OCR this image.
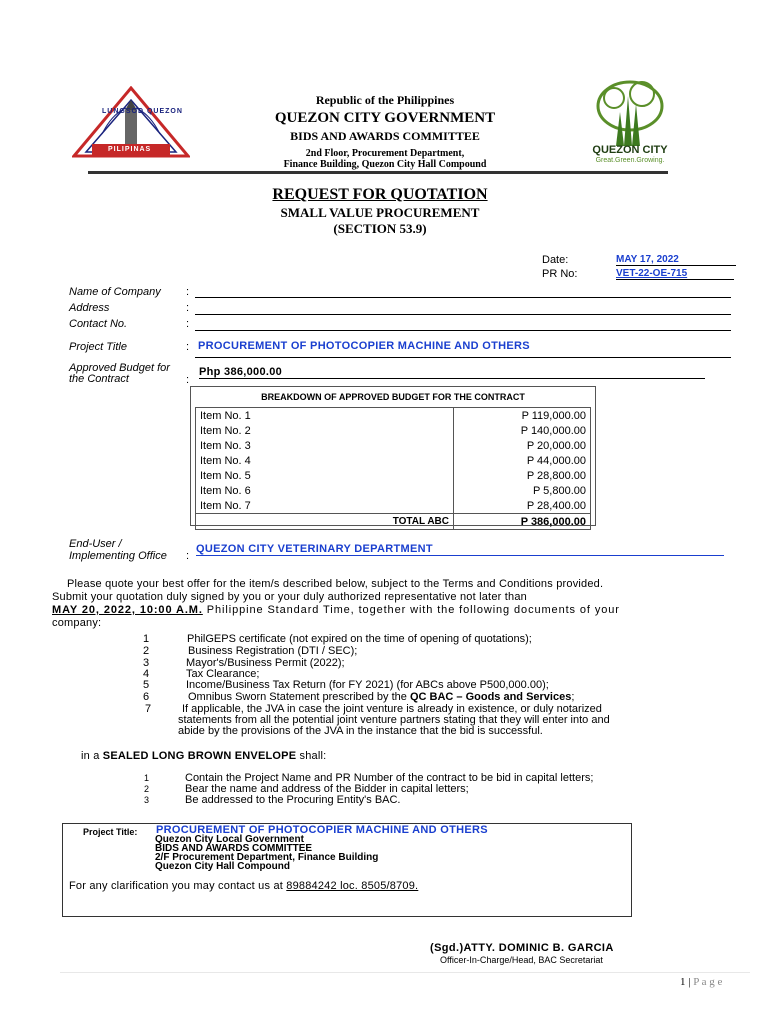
LUNGSOD QUEZON
PILIPINAS
Republic of the Philippines
QUEZON CITY GOVERNMENT
BIDS AND AWARDS COMMITTEE
2nd Floor, Procurement Department,
Finance Building, Quezon City Hall Compound
QUEZON CITY
Great.Green.Growing.
REQUEST FOR QUOTATION
SMALL VALUE PROCUREMENT
(SECTION 53.9)
Date:	MAY 17, 2022
PR No:	VET-22-OE-715
Name of Company :
Address	:
Contact No.	:
Project Title	: PROCUREMENT OF PHOTOCOPIER MACHINE AND OTHERS
Approved Budget for
the Contract	:
Php 386,000.00
BREAKDOWN OF APPROVED BUDGET FOR THE CONTRACT
Item No. 1	P 119,000.00
Item No. 2	P 140,000.00
Item No. 3	P 20,000.00
Item No. 4	P 44,000.00
Item No. 5	P 28,800.00
Item No. 6	P 5,800.00
Item No. 7	P 28,400.00
TOTAL ABC	P 386,000.00
End-User /
Implementing Office :
QUEZON CITY VETERINARY DEPARTMENT
Please quote your best offer for the item/s described below, subject to the Terms and Conditions provided.
Submit your quotation duly signed by you or your duly authorized representative not later than
MAY 20, 2022, 10:00 A.M. Philippine Standard Time, together with the following documents of your
company:
1	PhilGEPS certificate (not expired on the time of opening of quotations);
2	Business Registration (DTI / SEC);
3	Mayor's/Business Permit (2022);
4	Tax Clearance;
5	Income/Business Tax Return (for FY 2021) (for ABCs above P500,000.00);
6	Omnibus Sworn Statement prescribed by the QC BAC – Goods and Services;
7	If applicable, the JVA in case the joint venture is already in existence, or duly notarized
statements from all the potential joint venture partners stating that they will enter into and
abide by the provisions of the JVA in the instance that the bid is successful.
in a SEALED LONG BROWN ENVELOPE shall:
1	Contain the Project Name and PR Number of the contract to be bid in capital letters;
2	Bear the name and address of the Bidder in capital letters;
3	Be addressed to the Procuring Entity's BAC.
Project Title: PROCUREMENT OF PHOTOCOPIER MACHINE AND OTHERS
Quezon City Local Government
BIDS AND AWARDS COMMITTEE
2/F Procurement Department, Finance Building
Quezon City Hall Compound
For any clarification you may contact us at 89884242 loc. 8505/8709.
(Sgd.)ATTY. DOMINIC B. GARCIA
Officer-In-Charge/Head, BAC Secretariat
1 | P a g e
